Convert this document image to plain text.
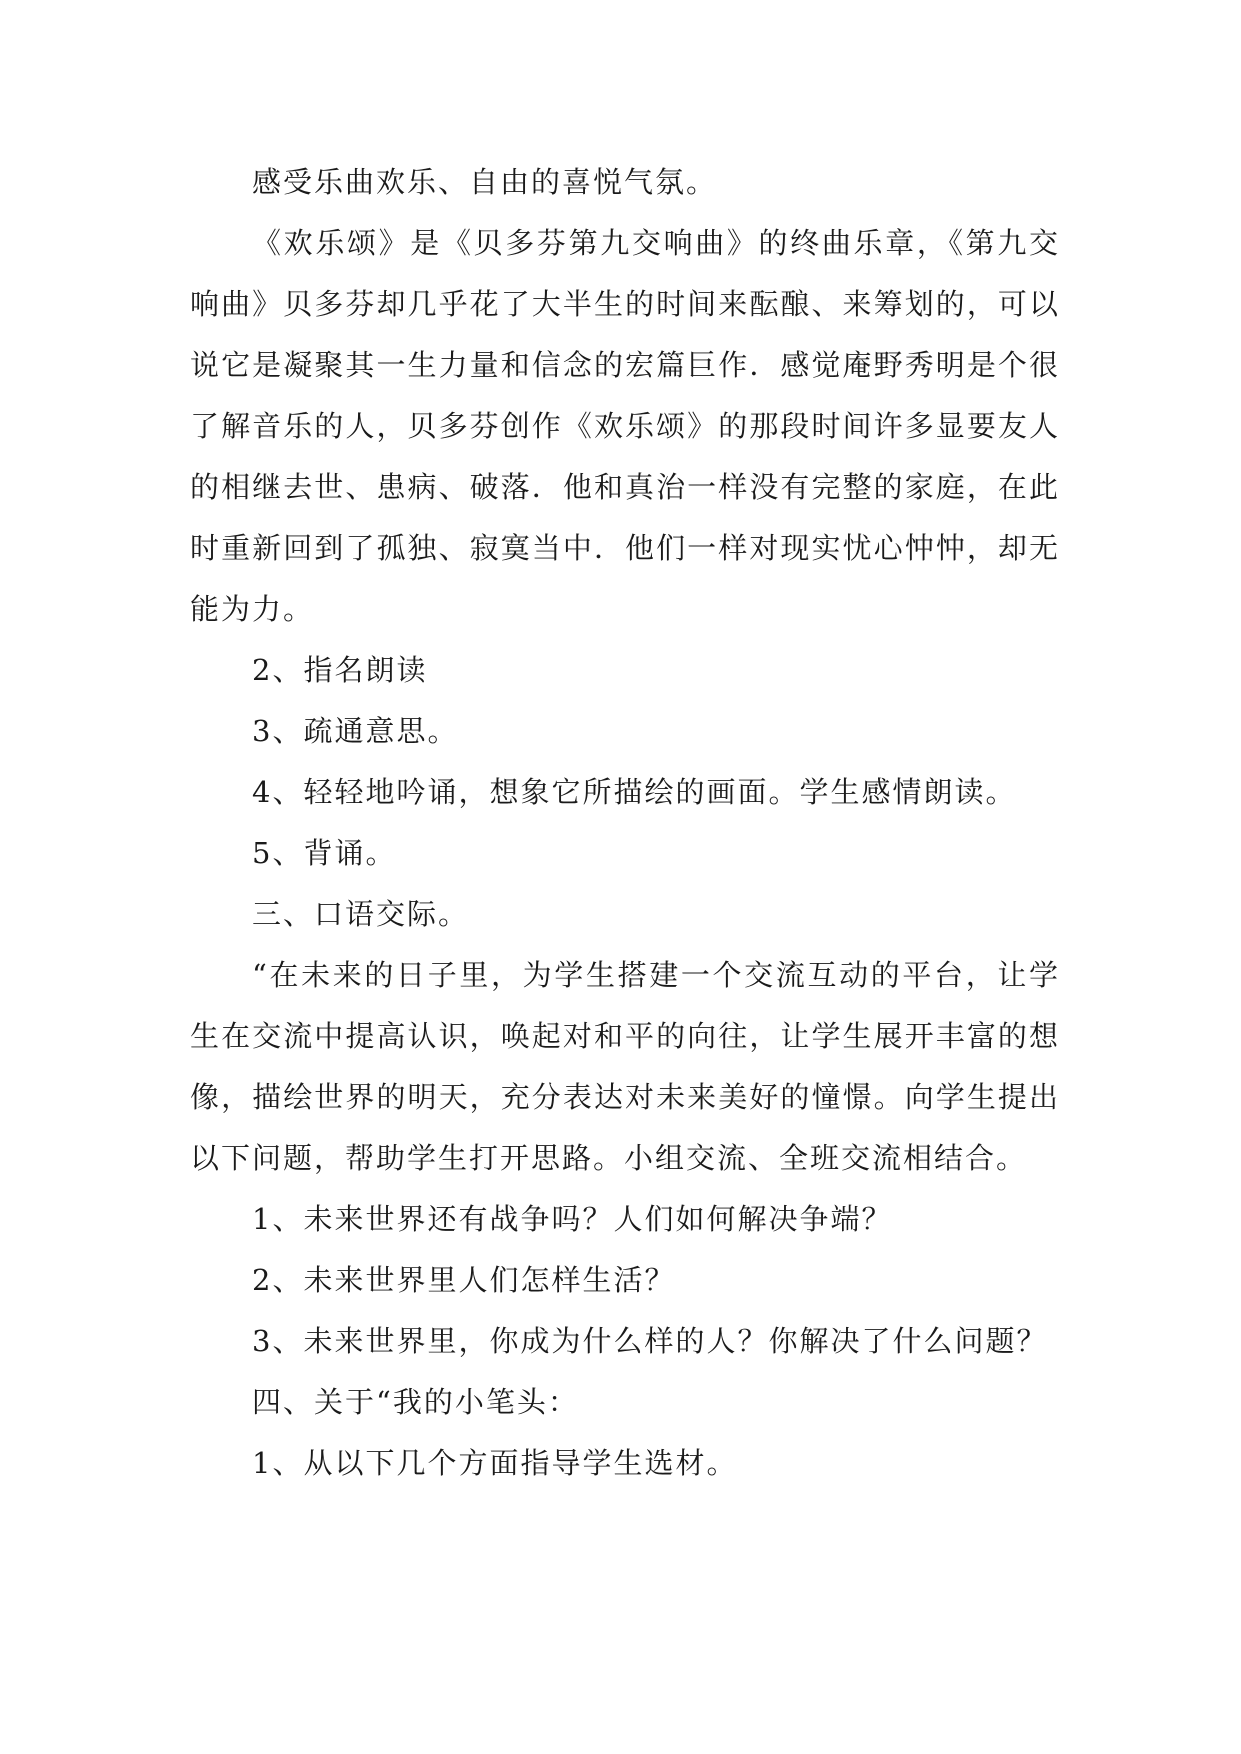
感受乐曲欢乐、自由的喜悦气氛。

《欢乐颂》是《贝多芬第九交响曲》的终曲乐章，《第九交响曲》贝多芬却几乎花了大半生的时间来酝酿、来筹划的，可以说它是凝聚其一生力量和信念的宏篇巨作．感觉庵野秀明是个很了解音乐的人，贝多芬创作《欢乐颂》的那段时间许多显要友人的相继去世、患病、破落．他和真治一样没有完整的家庭，在此时重新回到了孤独、寂寞当中．他们一样对现实忧心忡忡，却无能为力。

2、指名朗读

3、疏通意思。

4、轻轻地吟诵，想象它所描绘的画面。学生感情朗读。

5、背诵。

三、口语交际。

“在未来的日子里，为学生搭建一个交流互动的平台，让学生在交流中提高认识，唤起对和平的向往，让学生展开丰富的想像，描绘世界的明天，充分表达对未来美好的憧憬。向学生提出以下问题，帮助学生打开思路。小组交流、全班交流相结合。

1、未来世界还有战争吗？人们如何解决争端？

2、未来世界里人们怎样生活？

3、未来世界里，你成为什么样的人？你解决了什么问题？

四、关于“我的小笔头：

1、从以下几个方面指导学生选材。
